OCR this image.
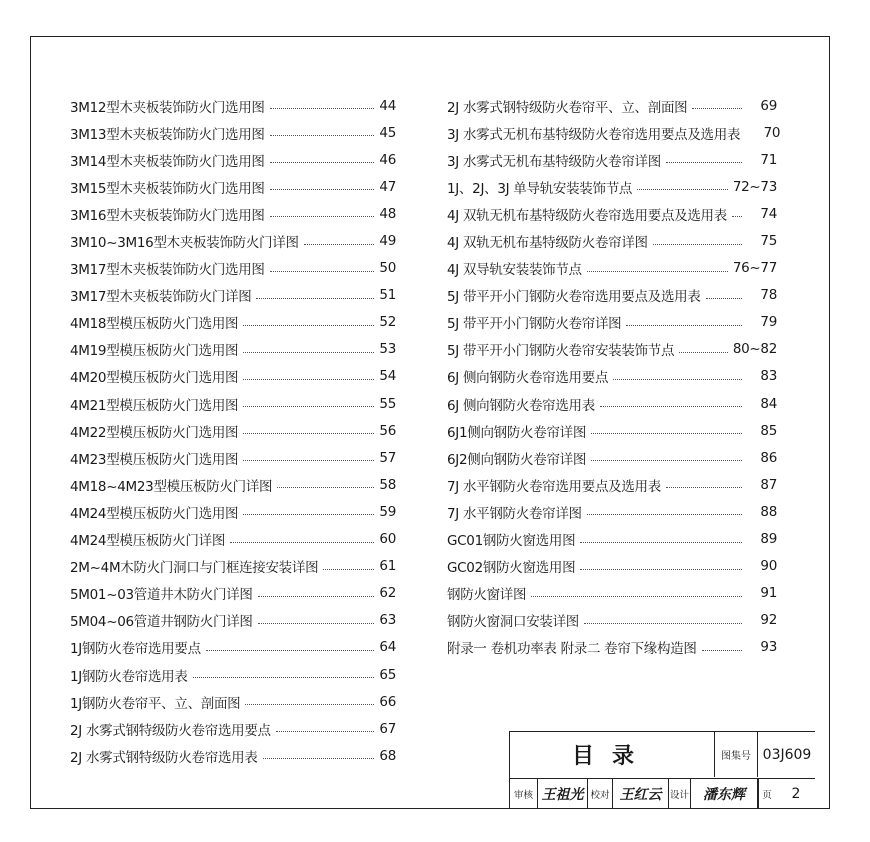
3M12型木夹板装饰防火门选用图	44
3M13型木夹板装饰防火门选用图	45
3M14型木夹板装饰防火门选用图	46
3M15型木夹板装饰防火门选用图	47
3M16型木夹板装饰防火门选用图	48
3M10~3M16型木夹板装饰防火门详图	49
3M17型木夹板装饰防火门选用图	50
3M17型木夹板装饰防火门详图	51
4M18型模压板防火门选用图	52
4M19型模压板防火门选用图	53
4M20型模压板防火门选用图	54
4M21型模压板防火门选用图	55
4M22型模压板防火门选用图	56
4M23型模压板防火门选用图	57
4M18~4M23型模压板防火门详图	58
4M24型模压板防火门选用图	59
4M24型模压板防火门详图	60
2M~4M木防火门洞口与门框连接安装详图	61
5M01~03管道井木防火门详图	62
5M04~06管道井钢防火门详图	63
1J钢防火卷帘选用要点	64
1J钢防火卷帘选用表	65
1J钢防火卷帘平、立、剖面图	66
2J 水雾式钢特级防火卷帘选用要点	67
2J 水雾式钢特级防火卷帘选用表	68
2J 水雾式钢特级防火卷帘平、立、剖面图	69
3J 水雾式无机布基特级防火卷帘选用要点及选用表	70
3J 水雾式无机布基特级防火卷帘详图	71
1J、2J、3J 单导轨安装装饰节点	72~73
4J 双轨无机布基特级防火卷帘选用要点及选用表	74
4J 双轨无机布基特级防火卷帘详图	75
4J 双导轨安装装饰节点	76~77
5J 带平开小门钢防火卷帘选用要点及选用表	78
5J 带平开小门钢防火卷帘详图	79
5J 带平开小门钢防火卷帘安装装饰节点	80~82
6J 侧向钢防火卷帘选用要点	83
6J 侧向钢防火卷帘选用表	84
6J1侧向钢防火卷帘详图	85
6J2侧向钢防火卷帘详图	86
7J 水平钢防火卷帘选用要点及选用表	87
7J 水平钢防火卷帘详图	88
GC01钢防火窗选用图	89
GC02钢防火窗选用图	90
钢防火窗详图	91
钢防火窗洞口安装详图	92
附录一 卷机功率表 附录二 卷帘下缘构造图	93
目录	图集号 03J609
审核 王祖光 校对 王红云 设计	潘东辉	页	2
